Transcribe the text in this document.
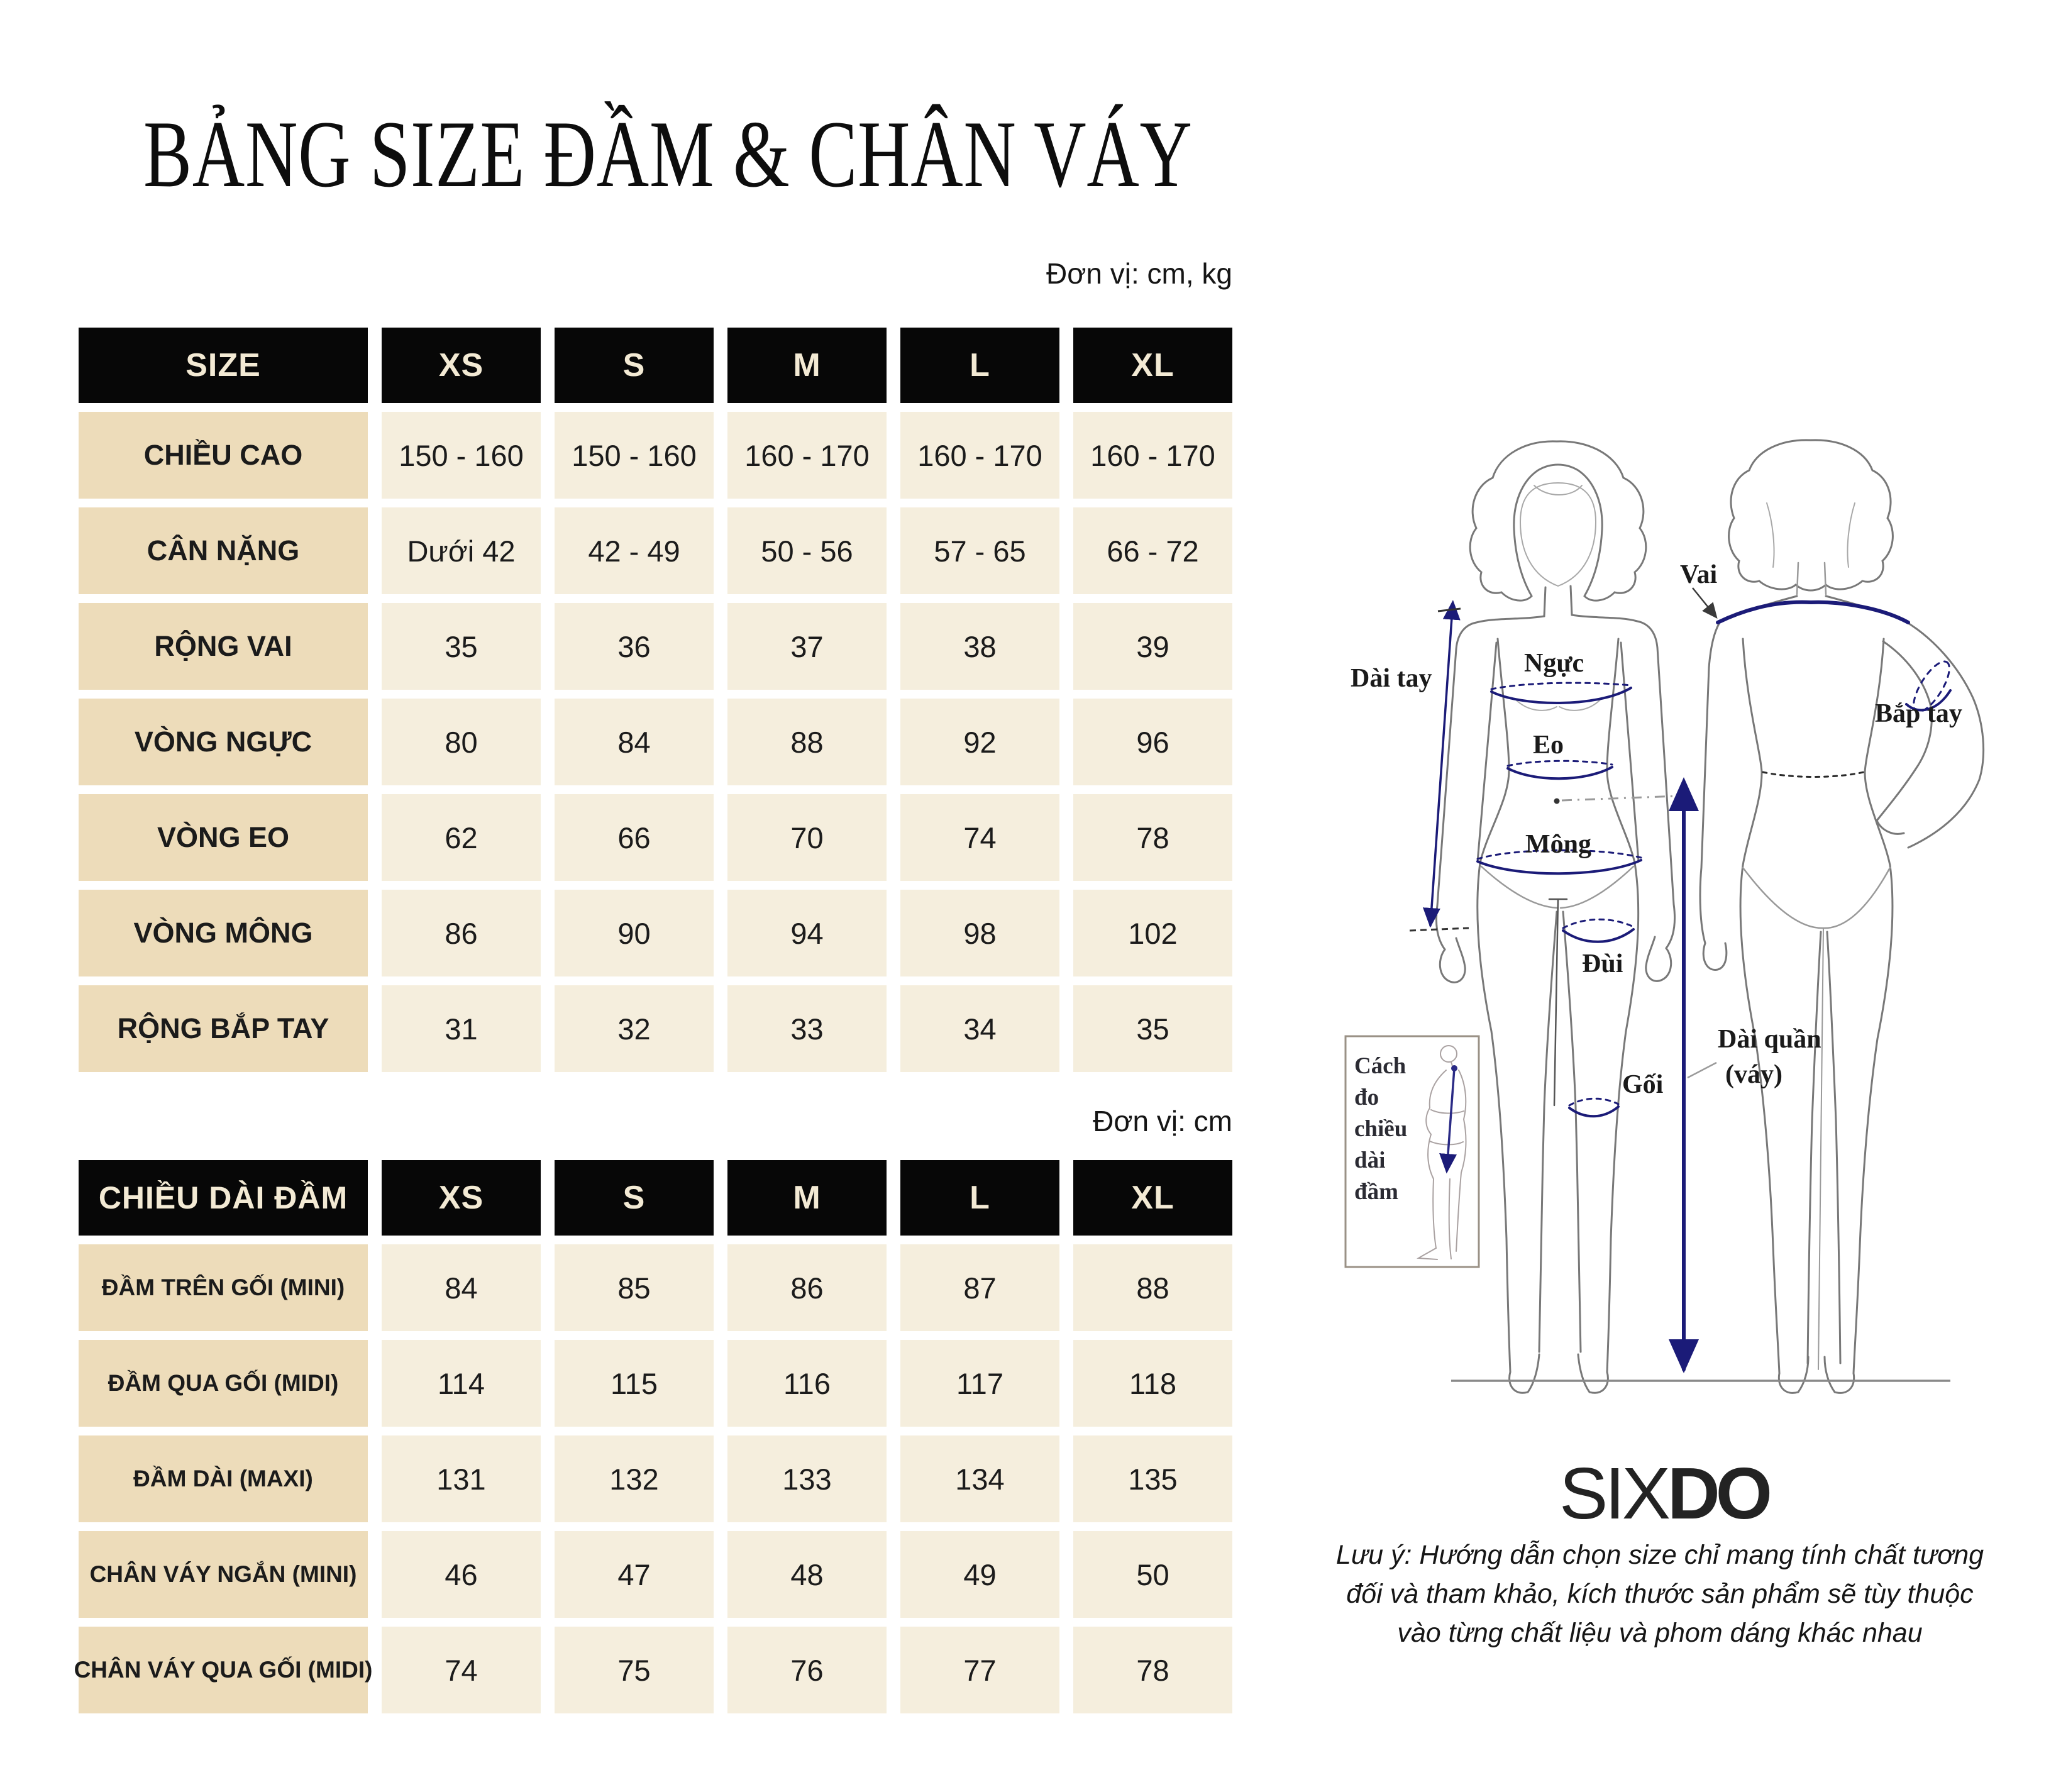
BẢNG SIZE ĐẦM & CHÂN VÁY
Đơn vị: cm, kg
SIZE	XS	S	M	L	XL
CHIỀU CAO	150 - 160	150 - 160	160 - 170	160 - 170	160 - 170
CÂN NẶNG	Dưới 42	42 - 49	50 - 56	57 - 65	66 - 72
RỘNG VAI	35	36	37	38	39
VÒNG NGỰC	80	84	88	92	96
VÒNG EO	62	66	70	74	78
VÒNG MÔNG	86	90	94	98	102
RỘNG BẮP TAY	31	32	33	34	35
Đơn vị: cm
CHIỀU DÀI ĐẦM	XS	S	M	L	XL
ĐẦM TRÊN GỐI (MINI)	84	85	86	87	88
ĐẦM QUA GỐI (MIDI)	114	115	116	117	118
ĐẦM DÀI (MAXI)	131	132	133	134	135
CHÂN VÁY NGẮN (MINI)	46	47	48	49	50
CHÂN VÁY QUA GỐI (MIDI)	74	75	76	77	78
Dài tay
Ngực
Eo
Mông
Đùi
Gối
Vai
Bắp tay
Dài quần
(váy)
Cách
đo
chiều
dài
đầm
SIXDO
Lưu ý: Hướng dẫn chọn size chỉ mang tính chất tương
đối và tham khảo, kích thước sản phẩm sẽ tùy thuộc
vào từng chất liệu và phom dáng khác nhau
